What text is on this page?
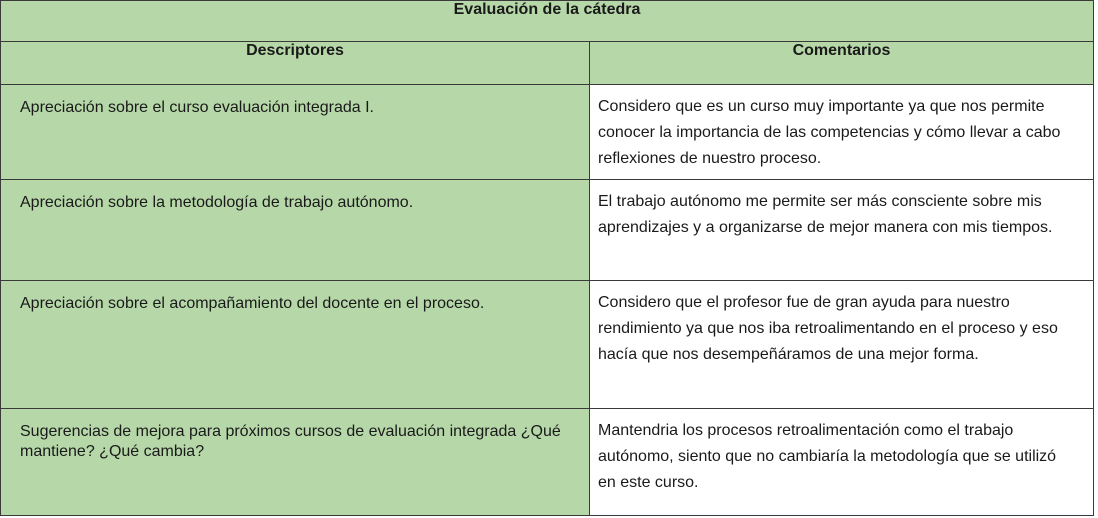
Evaluación de la cátedra	
Descriptores	Comentarios
Apreciación sobre el curso evaluación integrada I.	Considero que es un curso muy importante ya que nos permite conocer la importancia de las competencias y cómo llevar a cabo reflexiones de nuestro proceso.
Apreciación sobre la metodología de trabajo autónomo.	El trabajo autónomo me permite ser más consciente sobre mis aprendizajes y a organizarse de mejor manera con mis tiempos.
Apreciación sobre el acompañamiento del docente en el proceso.	Considero que el profesor fue de gran ayuda para nuestro rendimiento ya que nos iba retroalimentando en el proceso y eso hacía que nos desempeñáramos de una mejor forma.
Sugerencias de mejora para próximos cursos de evaluación integrada ¿Qué mantiene? ¿Qué cambia?	Mantendria los procesos retroalimentación como el trabajo autónomo, siento que no cambiaría la metodología que se utilizó en este curso.
